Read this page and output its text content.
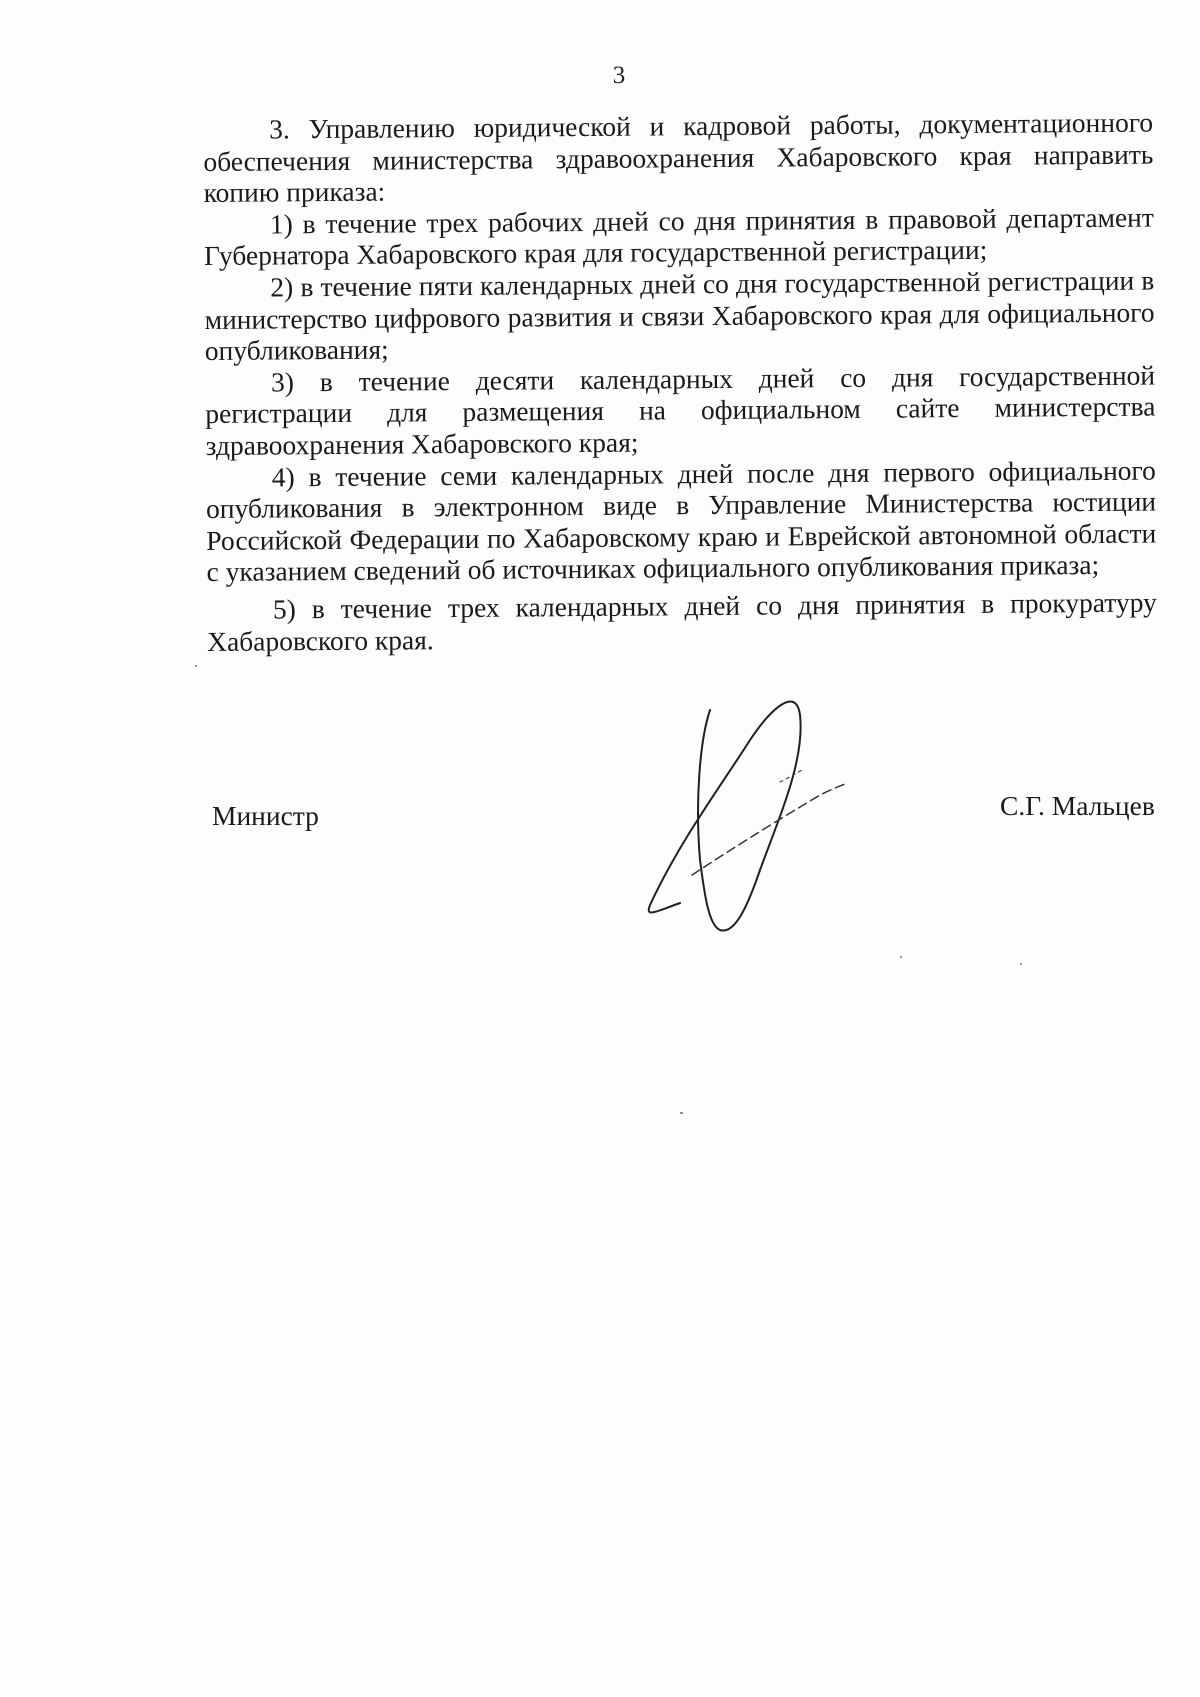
3

3. Управлению юридической и кадровой работы, документационного обеспечения министерства здравоохранения Хабаровского края направить копию приказа:

1) в течение трех рабочих дней со дня принятия в правовой департамент Губернатора Хабаровского края для государственной регистрации;

2) в течение пяти календарных дней со дня государственной регистрации в министерство цифрового развития и связи Хабаровского края для официального опубликования;

3) в течение десяти календарных дней со дня государственной регистрации для размещения на официальном сайте министерства здравоохранения Хабаровского края;

4) в течение семи календарных дней после дня первого официального опубликования в электронном виде в Управление Министерства юстиции Российской Федерации по Хабаровскому краю и Еврейской автономной области с указанием сведений об источниках официального опубликования приказа;

5) в течение трех календарных дней со дня принятия в прокуратуру Хабаровского края.

Министр	С.Г. Мальцев
